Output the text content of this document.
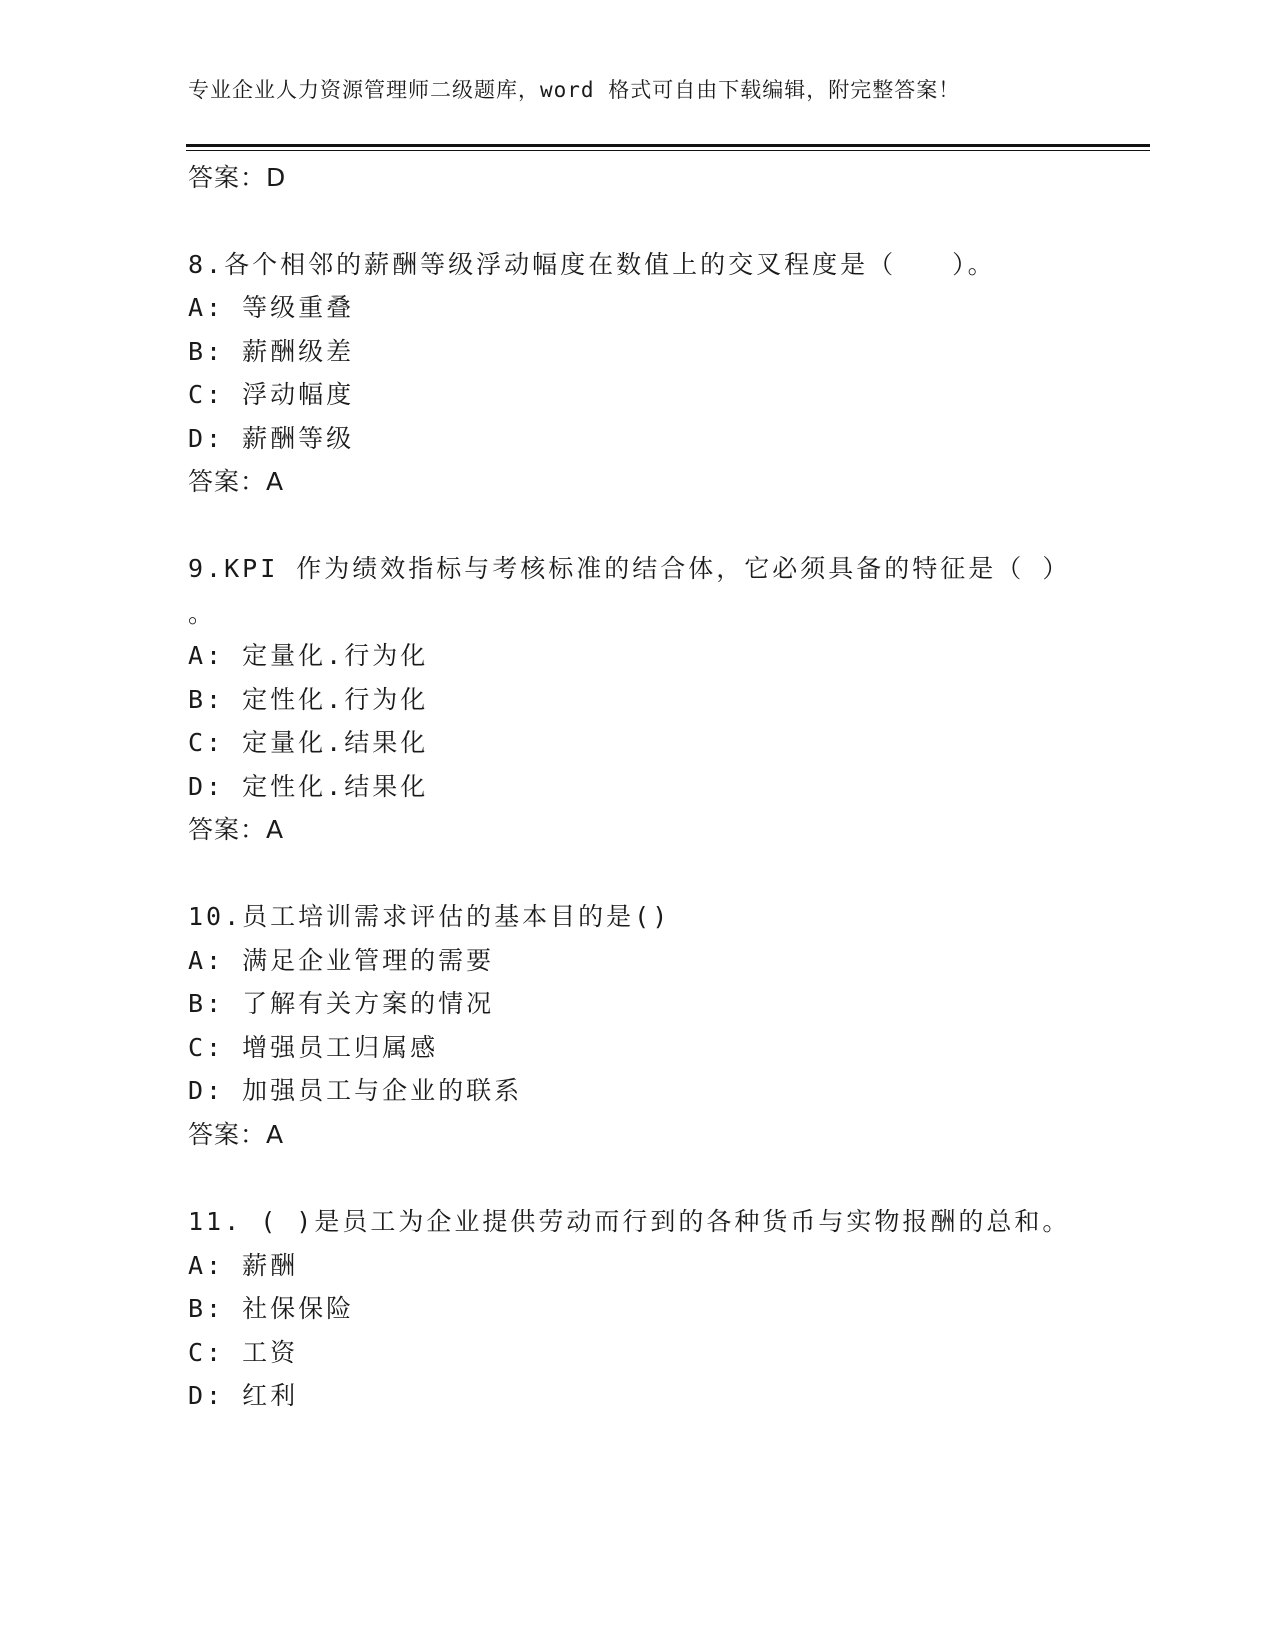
专业企业人力资源管理师二级题库，word 格式可自由下载编辑，附完整答案！
答案：D
8.各个相邻的薪酬等级浮动幅度在数值上的交叉程度是（　　）。
A: 等级重叠
B: 薪酬级差
C: 浮动幅度
D: 薪酬等级
答案：A
9.KPI 作为绩效指标与考核标准的结合体，它必须具备的特征是（ ）
。
A: 定量化.行为化
B: 定性化.行为化
C: 定量化.结果化
D: 定性化.结果化
答案：A
10.员工培训需求评估的基本目的是()
A: 满足企业管理的需要
B: 了解有关方案的情况
C: 增强员工归属感
D: 加强员工与企业的联系
答案：A
11. ( )是员工为企业提供劳动而行到的各种货币与实物报酬的总和。
A: 薪酬
B: 社保保险
C: 工资
D: 红利
